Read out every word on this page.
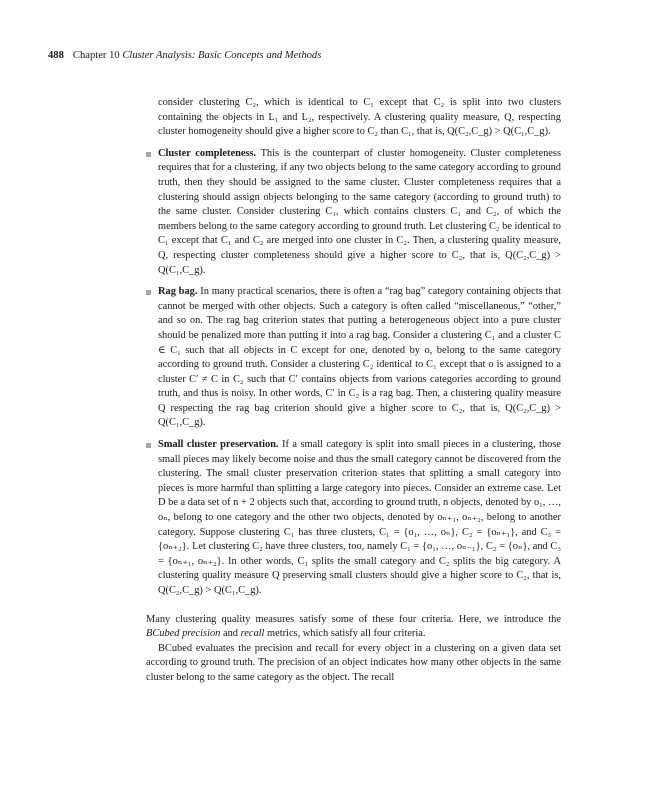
488 Chapter 10 Cluster Analysis: Basic Concepts and Methods
consider clustering C₂, which is identical to C₁ except that C₂ is split into two clusters containing the objects in L₁ and L₂, respectively. A clustering quality measure, Q, respecting cluster homogeneity should give a higher score to C₂ than C₁, that is, Q(C₂,C_g) > Q(C₁,C_g).
Cluster completeness. This is the counterpart of cluster homogeneity. Cluster completeness requires that for a clustering, if any two objects belong to the same category according to ground truth, then they should be assigned to the same cluster. Cluster completeness requires that a clustering should assign objects belonging to the same category (according to ground truth) to the same cluster. Consider clustering C₁, which contains clusters C₁ and C₂, of which the members belong to the same category according to ground truth. Let clustering C₂ be identical to C₁ except that C₁ and C₂ are merged into one cluster in C₂. Then, a clustering quality measure, Q, respecting cluster completeness should give a higher score to C₂, that is, Q(C₂,C_g) > Q(C₁,C_g).
Rag bag. In many practical scenarios, there is often a “rag bag” category containing objects that cannot be merged with other objects. Such a category is often called “miscellaneous,” “other,” and so on. The rag bag criterion states that putting a heterogeneous object into a pure cluster should be penalized more than putting it into a rag bag. Consider a clustering C₁ and a cluster C ∈ C₁ such that all objects in C except for one, denoted by o, belong to the same category according to ground truth. Consider a clustering C₂ identical to C₁ except that o is assigned to a cluster C′ ≠ C in C₂ such that C′ contains objects from various categories according to ground truth, and thus is noisy. In other words, C′ in C₂ is a rag bag. Then, a clustering quality measure Q respecting the rag bag criterion should give a higher score to C₂, that is, Q(C₂,C_g) > Q(C₁,C_g).
Small cluster preservation. If a small category is split into small pieces in a clustering, those small pieces may likely become noise and thus the small category cannot be discovered from the clustering. The small cluster preservation criterion states that splitting a small category into pieces is more harmful than splitting a large category into pieces. Consider an extreme case. Let D be a data set of n + 2 objects such that, according to ground truth, n objects, denoted by o₁, …, oₙ, belong to one category and the other two objects, denoted by oₙ₊₁, oₙ₊₂, belong to another category. Suppose clustering C₁ has three clusters, C₁ = {o₁, …, oₙ}, C₂ = {oₙ₊₁}, and C₃ = {oₙ₊₂}. Let clustering C₂ have three clusters, too, namely C₁ = {o₁, …, oₙ₋₁}, C₂ = {oₙ}, and C₃ = {oₙ₊₁, oₙ₊₂}. In other words, C₁ splits the small category and C₂ splits the big category. A clustering quality measure Q preserving small clusters should give a higher score to C₂, that is, Q(C₂,C_g) > Q(C₁,C_g).

Many clustering quality measures satisfy some of these four criteria. Here, we introduce the BCubed precision and recall metrics, which satisfy all four criteria.

BCubed evaluates the precision and recall for every object in a clustering on a given data set according to ground truth. The precision of an object indicates how many other objects in the same cluster belong to the same category as the object. The recall
